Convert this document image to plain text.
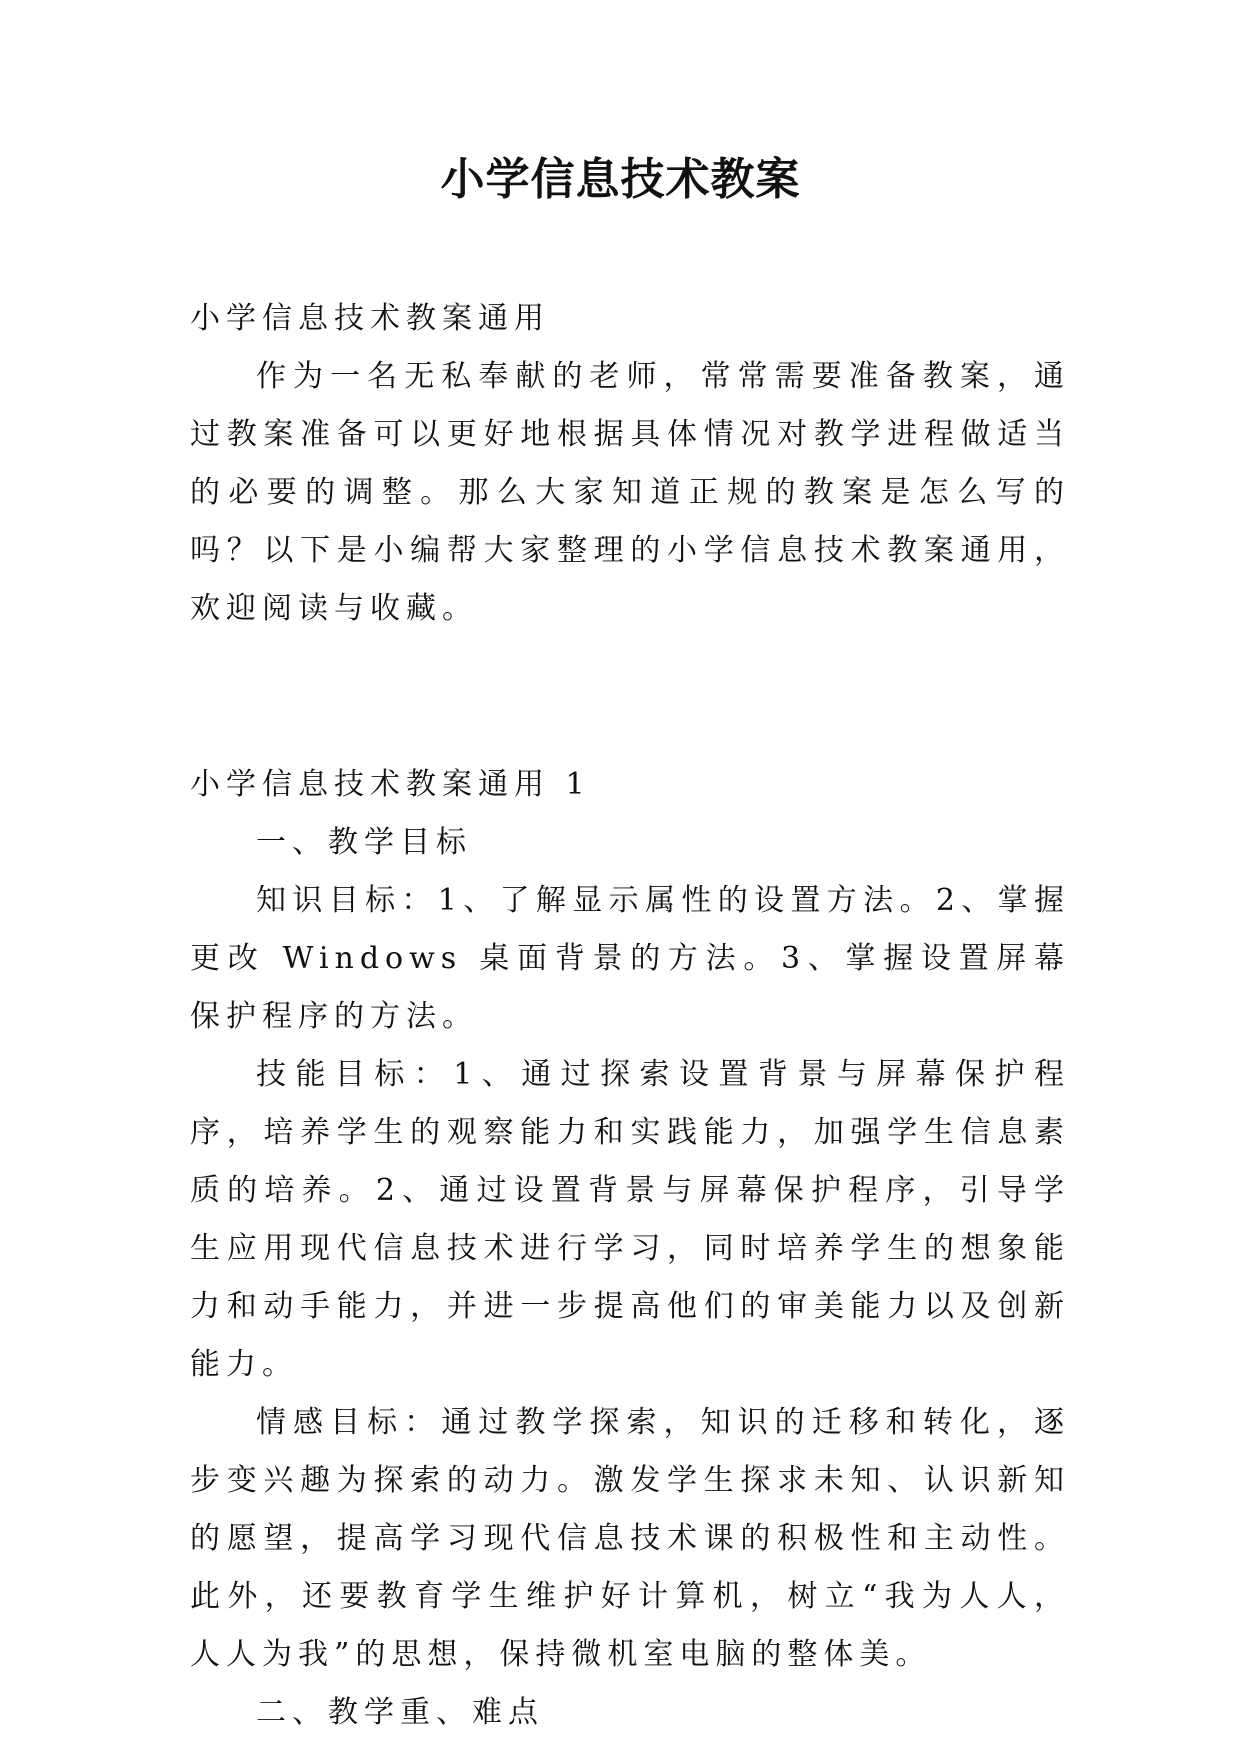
小学信息技术教案

小学信息技术教案通用

作为一名无私奉献的老师，常常需要准备教案，通过教案准备可以更好地根据具体情况对教学进程做适当的必要的调整。那么大家知道正规的教案是怎么写的吗？以下是小编帮大家整理的小学信息技术教案通用，欢迎阅读与收藏。

小学信息技术教案通用 1

一、教学目标

知识目标：1、了解显示属性的设置方法。2、掌握更改 Windows 桌面背景的方法。3、掌握设置屏幕保护程序的方法。

技能目标：1、通过探索设置背景与屏幕保护程序，培养学生的观察能力和实践能力，加强学生信息素质的培养。2、通过设置背景与屏幕保护程序，引导学生应用现代信息技术进行学习，同时培养学生的想象能力和动手能力，并进一步提高他们的审美能力以及创新能力。

情感目标：通过教学探索，知识的迁移和转化，逐步变兴趣为探索的动力。激发学生探求未知、认识新知的愿望，提高学习现代信息技术课的积极性和主动性。此外，还要教育学生维护好计算机，树立“我为人人，人人为我”的思想，保持微机室电脑的整体美。

二、教学重、难点
